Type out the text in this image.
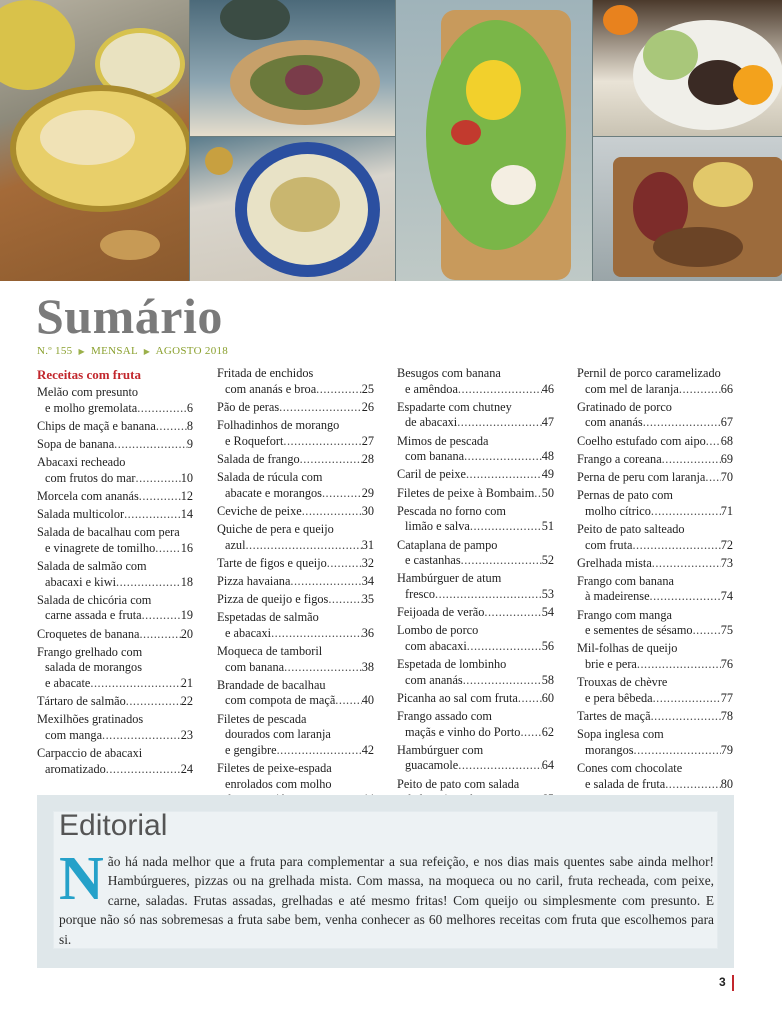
Sumário
N.º 155 ▶ MENSAL ▶ AGOSTO 2018
Receitas com fruta
Melão com presunto
e molho gremolata .....	6
Chips de maçã e banana .....	8
Sopa de banana .....	9
Abacaxi recheado
com frutos do mar .....	10
Morcela com ananás .....	12
Salada multicolor .....	14
Salada de bacalhau com pera
e vinagrete de tomilho ..... 16
Salada de salmão com
abacaxi e kiwi .....	18
Salada de chicória com
carne assada e fruta .....	19
Croquetes de banana .....	20
Frango grelhado com
salada de morangos
e abacate .....	21
Tártaro de salmão .....	22
Mexilhões gratinados
com manga .....	23
Carpaccio de abacaxi
aromatizado .....	24
Fritada de enchidos
com ananás e broa .....	25
Pão de peras .....	26
Folhadinhos de morango
e Roquefort .....	27
Salada de frango .....	28
Salada de rúcula com
abacate e morangos .....	29
Ceviche de peixe .....	30
Quiche de pera e queijo
azul .....	31
Tarte de figos e queijo .....	32
Pizza havaiana .....	34
Pizza de queijo e figos .....	35
Espetadas de salmão
e abacaxi .....	36
Moqueca de tamboril
com banana .....	38
Brandade de bacalhau
com compota de maçã ..... 40
Filetes de pescada
dourados com laranja
e gengibre .....	42
Filetes de peixe-espada
enrolados com molho
.....
Besugos com banana
e amêndoa .....	46
Espadarte com chutney
de abacaxi .....	47
Mimos de pescada
com banana .....	48
Caril de peixe .....	49
Filetes de peixe à Bombaim ..... 50
Pescada no forno com
limão e salva .....	51
Cataplana de pampo
e castanhas .....	52
Hambúrguer de atum
fresco .....	53
Feijoada de verão .....	54
Lombo de porco
com abacaxi .....	56
Espetada de lombinho
com ananás .....	58
Picanha ao sal com fruta ..... 60
Frango assado com
maçãs e vinho do Porto ..... 62
Hambúrguer com
guacamole .....	64
Peito de pato com salada
.....
Pernil de porco caramelizado
com mel de laranja .....	66
Gratinado de porco
com ananás .....	67
Coelho estufado com aipo ..... 68
Frango a coreana .....	69
Perna de peru com laranja ..... 70
Pernas de pato com
molho cítrico .....	71
Peito de pato salteado
com fruta .....	72
Grelhada mista .....	73
Frango com banana
à madeirense .....	74
Frango com manga
e sementes de sésamo ..... 75
Mil-folhas de queijo
brie e pera .....	76
Trouxas de chèvre
e pera bêbeda .....	77
Tartes de maçã .....	78
Sopa inglesa com
morangos .....	79
Cones com chocolate
e salada de fruta .....	80
.....
Editorial

Não há nada melhor que a fruta para complementar a sua refeição, e nos dias mais quentes sabe ainda melhor! Hambúrgueres, pizzas ou na grelhada mista. Com massa, na moqueca ou no caril, fruta recheada, com peixe, carne, saladas. Frutas assadas, grelhadas e até mesmo fritas! Com queijo ou simplesmente com presunto. E porque não só nas sobremesas a fruta sabe bem, venha conhecer as 60 melhores receitas com fruta que escolhemos para si.

3
